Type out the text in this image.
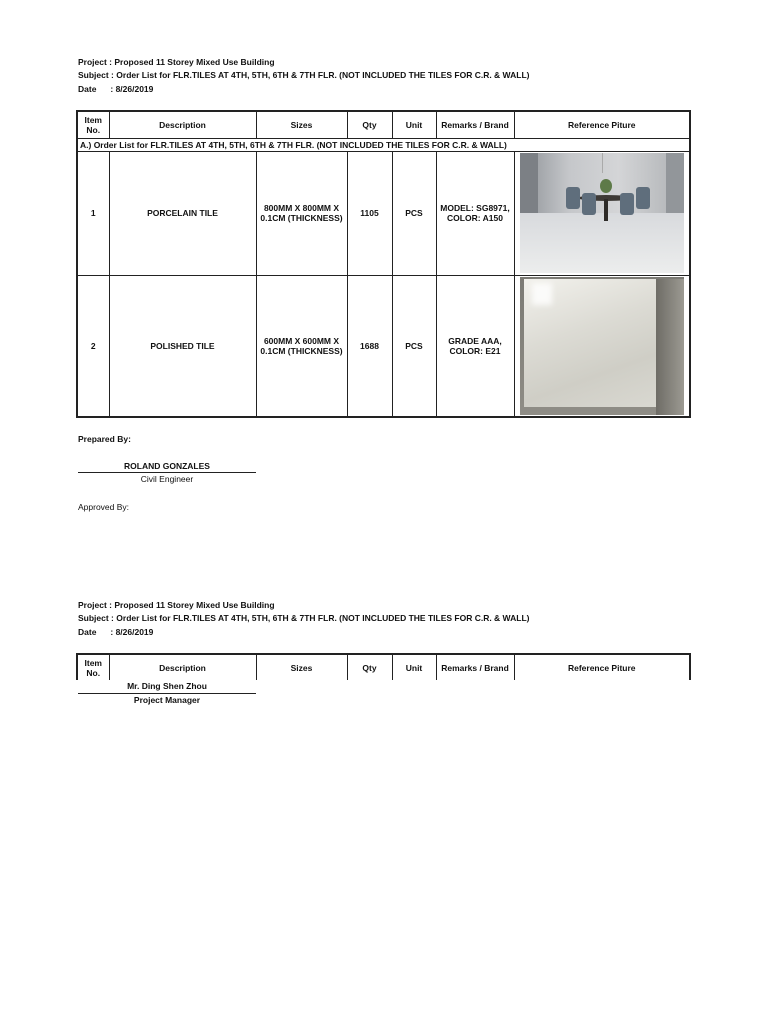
Project : Proposed 11 Storey Mixed Use Building
Subject : Order List for FLR.TILES AT 4TH, 5TH, 6TH & 7TH FLR. (NOT INCLUDED THE TILES FOR C.R. & WALL)
Date : 8/26/2019
Item
No.	Description	Sizes	Qty	Unit	Remarks / Brand	Reference Piture
A.) Order List for FLR.TILES AT 4TH, 5TH, 6TH & 7TH FLR. (NOT INCLUDED THE TILES FOR C.R. & WALL)						
1	PORCELAIN TILE	800MM X 800MM X
0.1CM (THICKNESS)	1105	PCS	MODEL: SG8971,
COLOR: A150	

2	POLISHED TILE	600MM X 600MM X
0.1CM (THICKNESS)	1688	PCS	GRADE AAA,
COLOR: E21	
Prepared By:
ROLAND GONZALES
Civil Engineer
Approved By:
Project : Proposed 11 Storey Mixed Use Building
Subject : Order List for FLR.TILES AT 4TH, 5TH, 6TH & 7TH FLR. (NOT INCLUDED THE TILES FOR C.R. & WALL)
Date : 8/26/2019
Item
No.	Description	Sizes	Qty	Unit	Remarks / Brand	Reference Piture
Mr. Ding Shen Zhou
Project Manager
